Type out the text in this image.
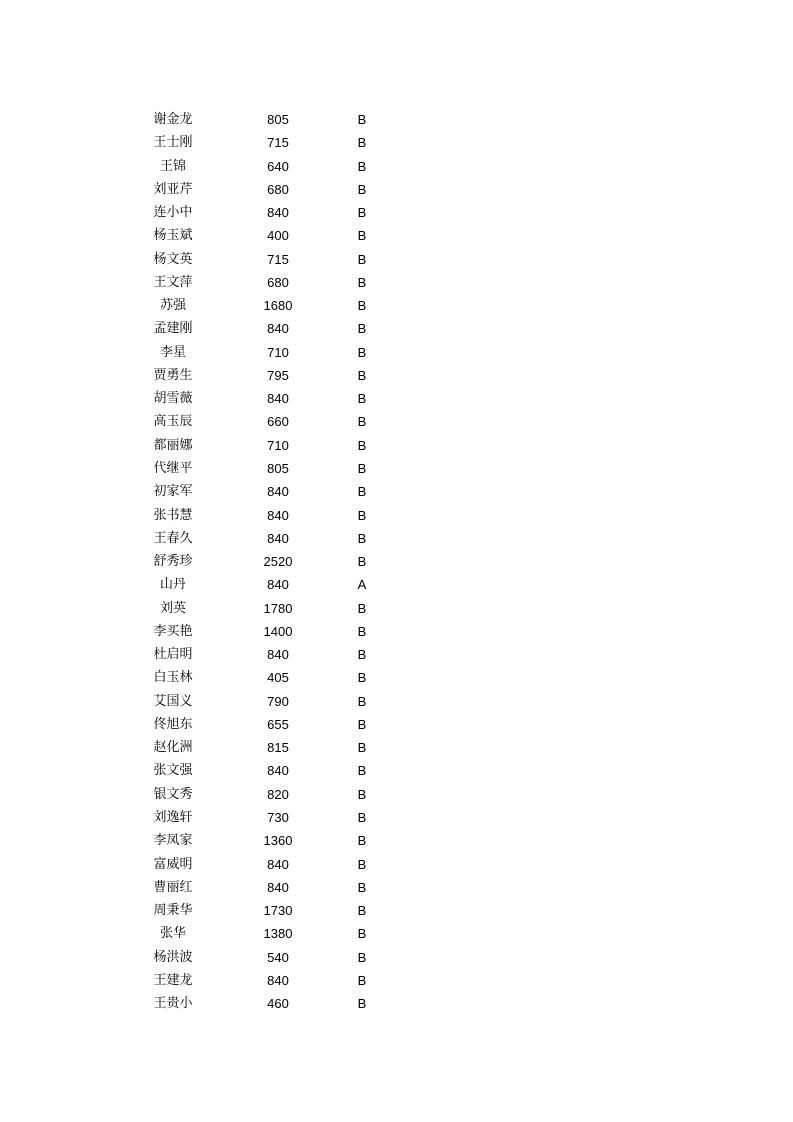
谢金龙	805	B
王士刚	715	B
王锦	640	B
刘亚芹	680	B
连小中	840	B
杨玉斌	400	B
杨文英	715	B
王文萍	680	B
苏强	1680	B
孟建刚	840	B
李星	710	B
贾勇生	795	B
胡雪薇	840	B
高玉辰	660	B
都丽娜	710	B
代继平	805	B
初家军	840	B
张书慧	840	B
王春久	840	B
舒秀珍	2520	B
山丹	840	A
刘英	1780	B
李买艳	1400	B
杜启明	840	B
白玉林	405	B
艾国义	790	B
佟旭东	655	B
赵化洲	815	B
张文强	840	B
银文秀	820	B
刘逸轩	730	B
李凤家	1360	B
富威明	840	B
曹丽红	840	B
周秉华	1730	B
张华	1380	B
杨洪波	540	B
王建龙	840	B
王贵小	460	B
